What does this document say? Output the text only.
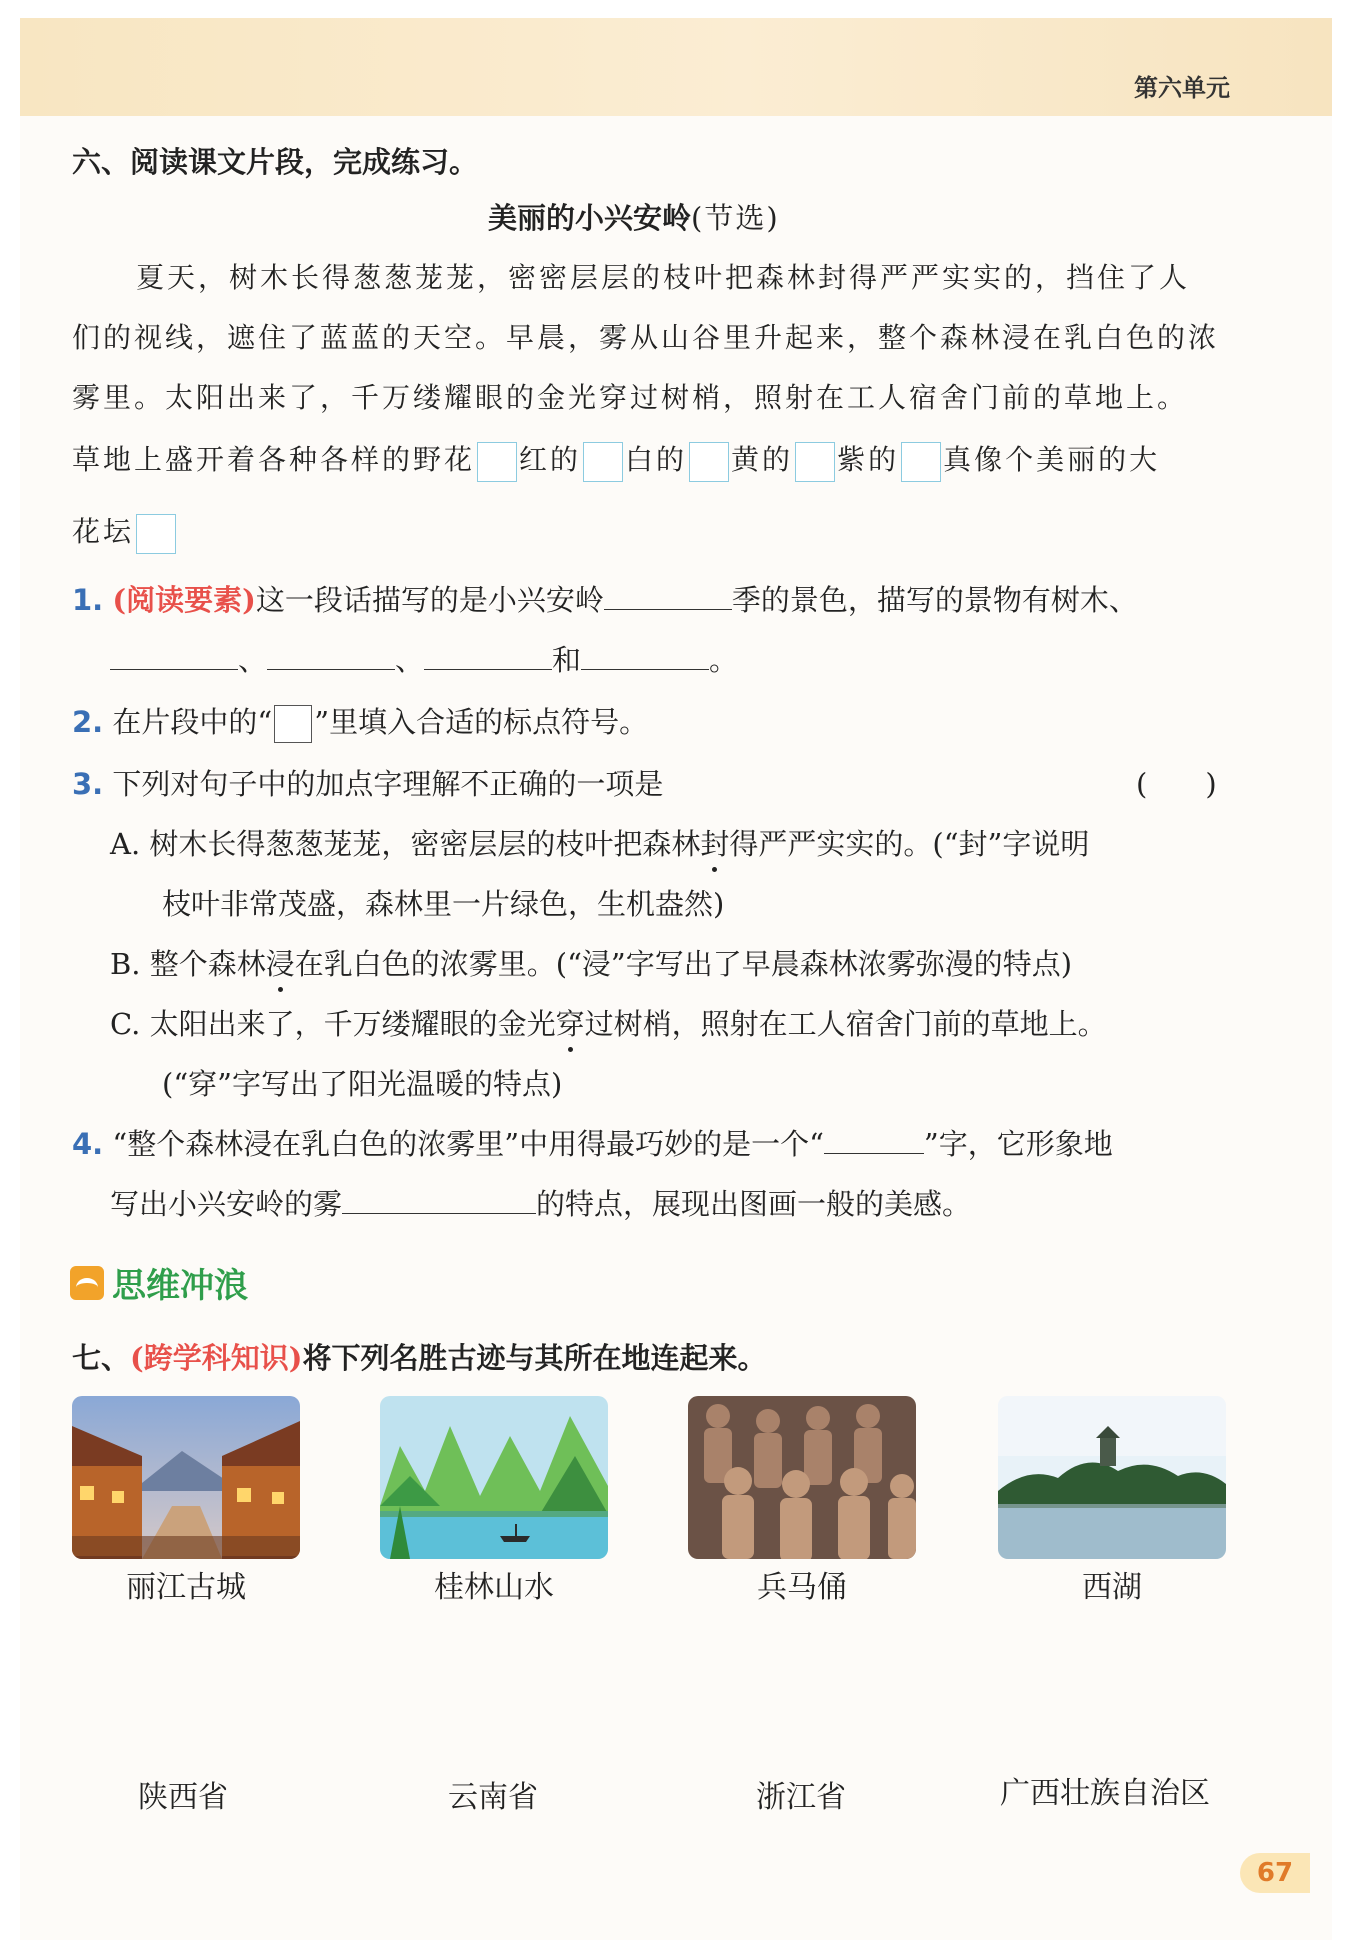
第六单元
六、阅读课文片段，完成练习。
美丽的小兴安岭(节选)
夏天，树木长得葱葱茏茏，密密层层的枝叶把森林封得严严实实的，挡住了人
们的视线，遮住了蓝蓝的天空。早晨，雾从山谷里升起来，整个森林浸在乳白色的浓
雾里。太阳出来了，千万缕耀眼的金光穿过树梢，照射在工人宿舍门前的草地上。
草地上盛开着各种各样的野花 红的 白的 黄的 紫的 真像个美丽的大
花坛
1. (阅读要素)这一段话描写的是小兴安岭	季的景色，描写的景物有树木、
、	、	和	。
2. 在片段中的“ ”里填入合适的标点符号。
3. 下列对句子中的加点字理解不正确的一项是	(　　)
A. 树木长得葱葱茏茏，密密层层的枝叶把森林封得严严实实的。(“封”字说明
枝叶非常茂盛，森林里一片绿色，生机盎然)
B. 整个森林浸在乳白色的浓雾里。(“浸”字写出了早晨森林浓雾弥漫的特点)
C. 太阳出来了，千万缕耀眼的金光穿过树梢，照射在工人宿舍门前的草地上。
(“穿”字写出了阳光温暖的特点)
4. “整个森林浸在乳白色的浓雾里”中用得最巧妙的是一个“	”字，它形象地
写出小兴安岭的雾	的特点，展现出图画一般的美感。
思维冲浪
七、(跨学科知识)将下列名胜古迹与其所在地连起来。
丽江古城	桂林山水	兵马俑	西湖
陕西省	云南省	浙江省	广西壮族自治区
67
